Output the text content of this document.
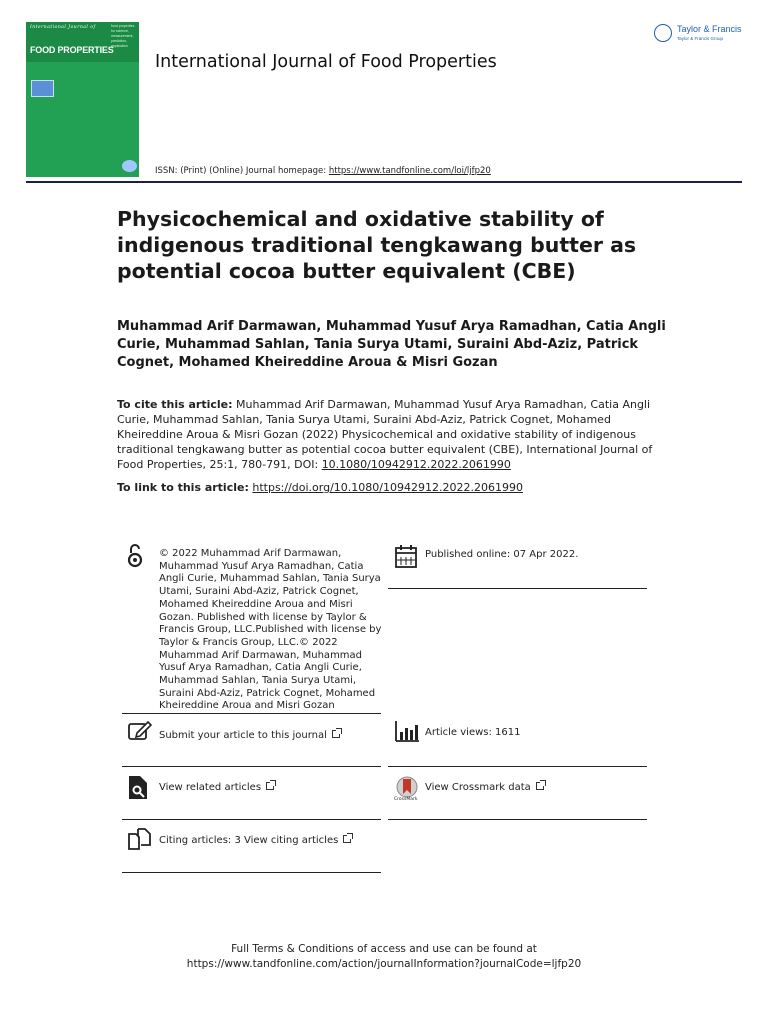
International Journal of
FOOD PROPERTIES
food properties for science, measurement, prediction, application
International Journal of Food Properties
ISSN: (Print) (Online) Journal homepage: https://www.tandfonline.com/loi/ljfp20
Taylor & Francis
Taylor & Francis Group
Physicochemical and oxidative stability of indigenous traditional tengkawang butter as potential cocoa butter equivalent (CBE)
Muhammad Arif Darmawan, Muhammad Yusuf Arya Ramadhan, Catia Angli Curie, Muhammad Sahlan, Tania Surya Utami, Suraini Abd-Aziz, Patrick Cognet, Mohamed Kheireddine Aroua & Misri Gozan
To cite this article: Muhammad Arif Darmawan, Muhammad Yusuf Arya Ramadhan, Catia Angli Curie, Muhammad Sahlan, Tania Surya Utami, Suraini Abd-Aziz, Patrick Cognet, Mohamed Kheireddine Aroua & Misri Gozan (2022) Physicochemical and oxidative stability of indigenous traditional tengkawang butter as potential cocoa butter equivalent (CBE), International Journal of Food Properties, 25:1, 780-791, DOI: 10.1080/10942912.2022.2061990
To link to this article: https://doi.org/10.1080/10942912.2022.2061990
© 2022 Muhammad Arif Darmawan, Muhammad Yusuf Arya Ramadhan, Catia Angli Curie, Muhammad Sahlan, Tania Surya Utami, Suraini Abd-Aziz, Patrick Cognet, Mohamed Kheireddine Aroua and Misri Gozan. Published with license by Taylor & Francis Group, LLC.Published with license by Taylor & Francis Group, LLC.© 2022 Muhammad Arif Darmawan, Muhammad Yusuf Arya Ramadhan, Catia Angli Curie, Muhammad Sahlan, Tania Surya Utami, Suraini Abd-Aziz, Patrick Cognet, Mohamed Kheireddine Aroua and Misri Gozan
Published online: 07 Apr 2022.
Submit your article to this journal	Article views: 1611
View related articles
CrossMark
View Crossmark data
Citing articles: 3 View citing articles
Full Terms & Conditions of access and use can be found at
https://www.tandfonline.com/action/journalInformation?journalCode=ljfp20
